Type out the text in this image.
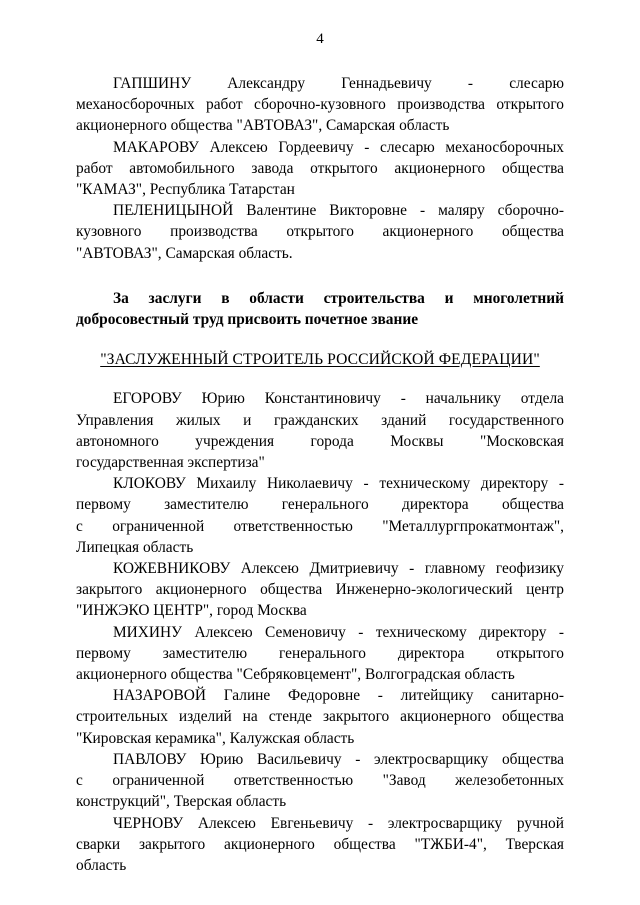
4

ГАПШИНУ Александру Геннадьевичу - слесарю
механосборочных работ сборочно-кузовного производства открытого
акционерного общества "АВТОВАЗ", Самарская область

МАКАРОВУ Алексею Гордеевичу - слесарю механосборочных
работ автомобильного завода открытого акционерного общества
"КАМАЗ", Республика Татарстан

ПЕЛЕНИЦЫНОЙ Валентине Викторовне - маляру сборочно-
кузовного производства открытого акционерного общества
"АВТОВАЗ", Самарская область.

За заслуги в области строительства и многолетний
добросовестный труд присвоить почетное звание
"ЗАСЛУЖЕННЫЙ СТРОИТЕЛЬ РОССИЙСКОЙ ФЕДЕРАЦИИ"

ЕГОРОВУ Юрию Константиновичу - начальнику отдела
Управления жилых и гражданских зданий государственного
автономного учреждения города Москвы "Московская
государственная экспертиза"

КЛОКОВУ Михаилу Николаевичу - техническому директору -
первому заместителю генерального директора общества
с ограниченной ответственностью "Металлургпрокатмонтаж",
Липецкая область

КОЖЕВНИКОВУ Алексею Дмитриевичу - главному геофизику
закрытого акционерного общества Инженерно-экологический центр
"ИНЖЭКО ЦЕНТР", город Москва

МИХИНУ Алексею Семеновичу - техническому директору -
первому заместителю генерального директора открытого
акционерного общества "Себряковцемент", Волгоградская область

НАЗАРОВОЙ Галине Федоровне - литейщику санитарно-
строительных изделий на стенде закрытого акционерного общества
"Кировская керамика", Калужская область

ПАВЛОВУ Юрию Васильевичу - электросварщику общества
с ограниченной ответственностью "Завод железобетонных
конструкций", Тверская область

ЧЕРНОВУ Алексею Евгеньевичу - электросварщику ручной
сварки закрытого акционерного общества "ТЖБИ-4", Тверская
область
